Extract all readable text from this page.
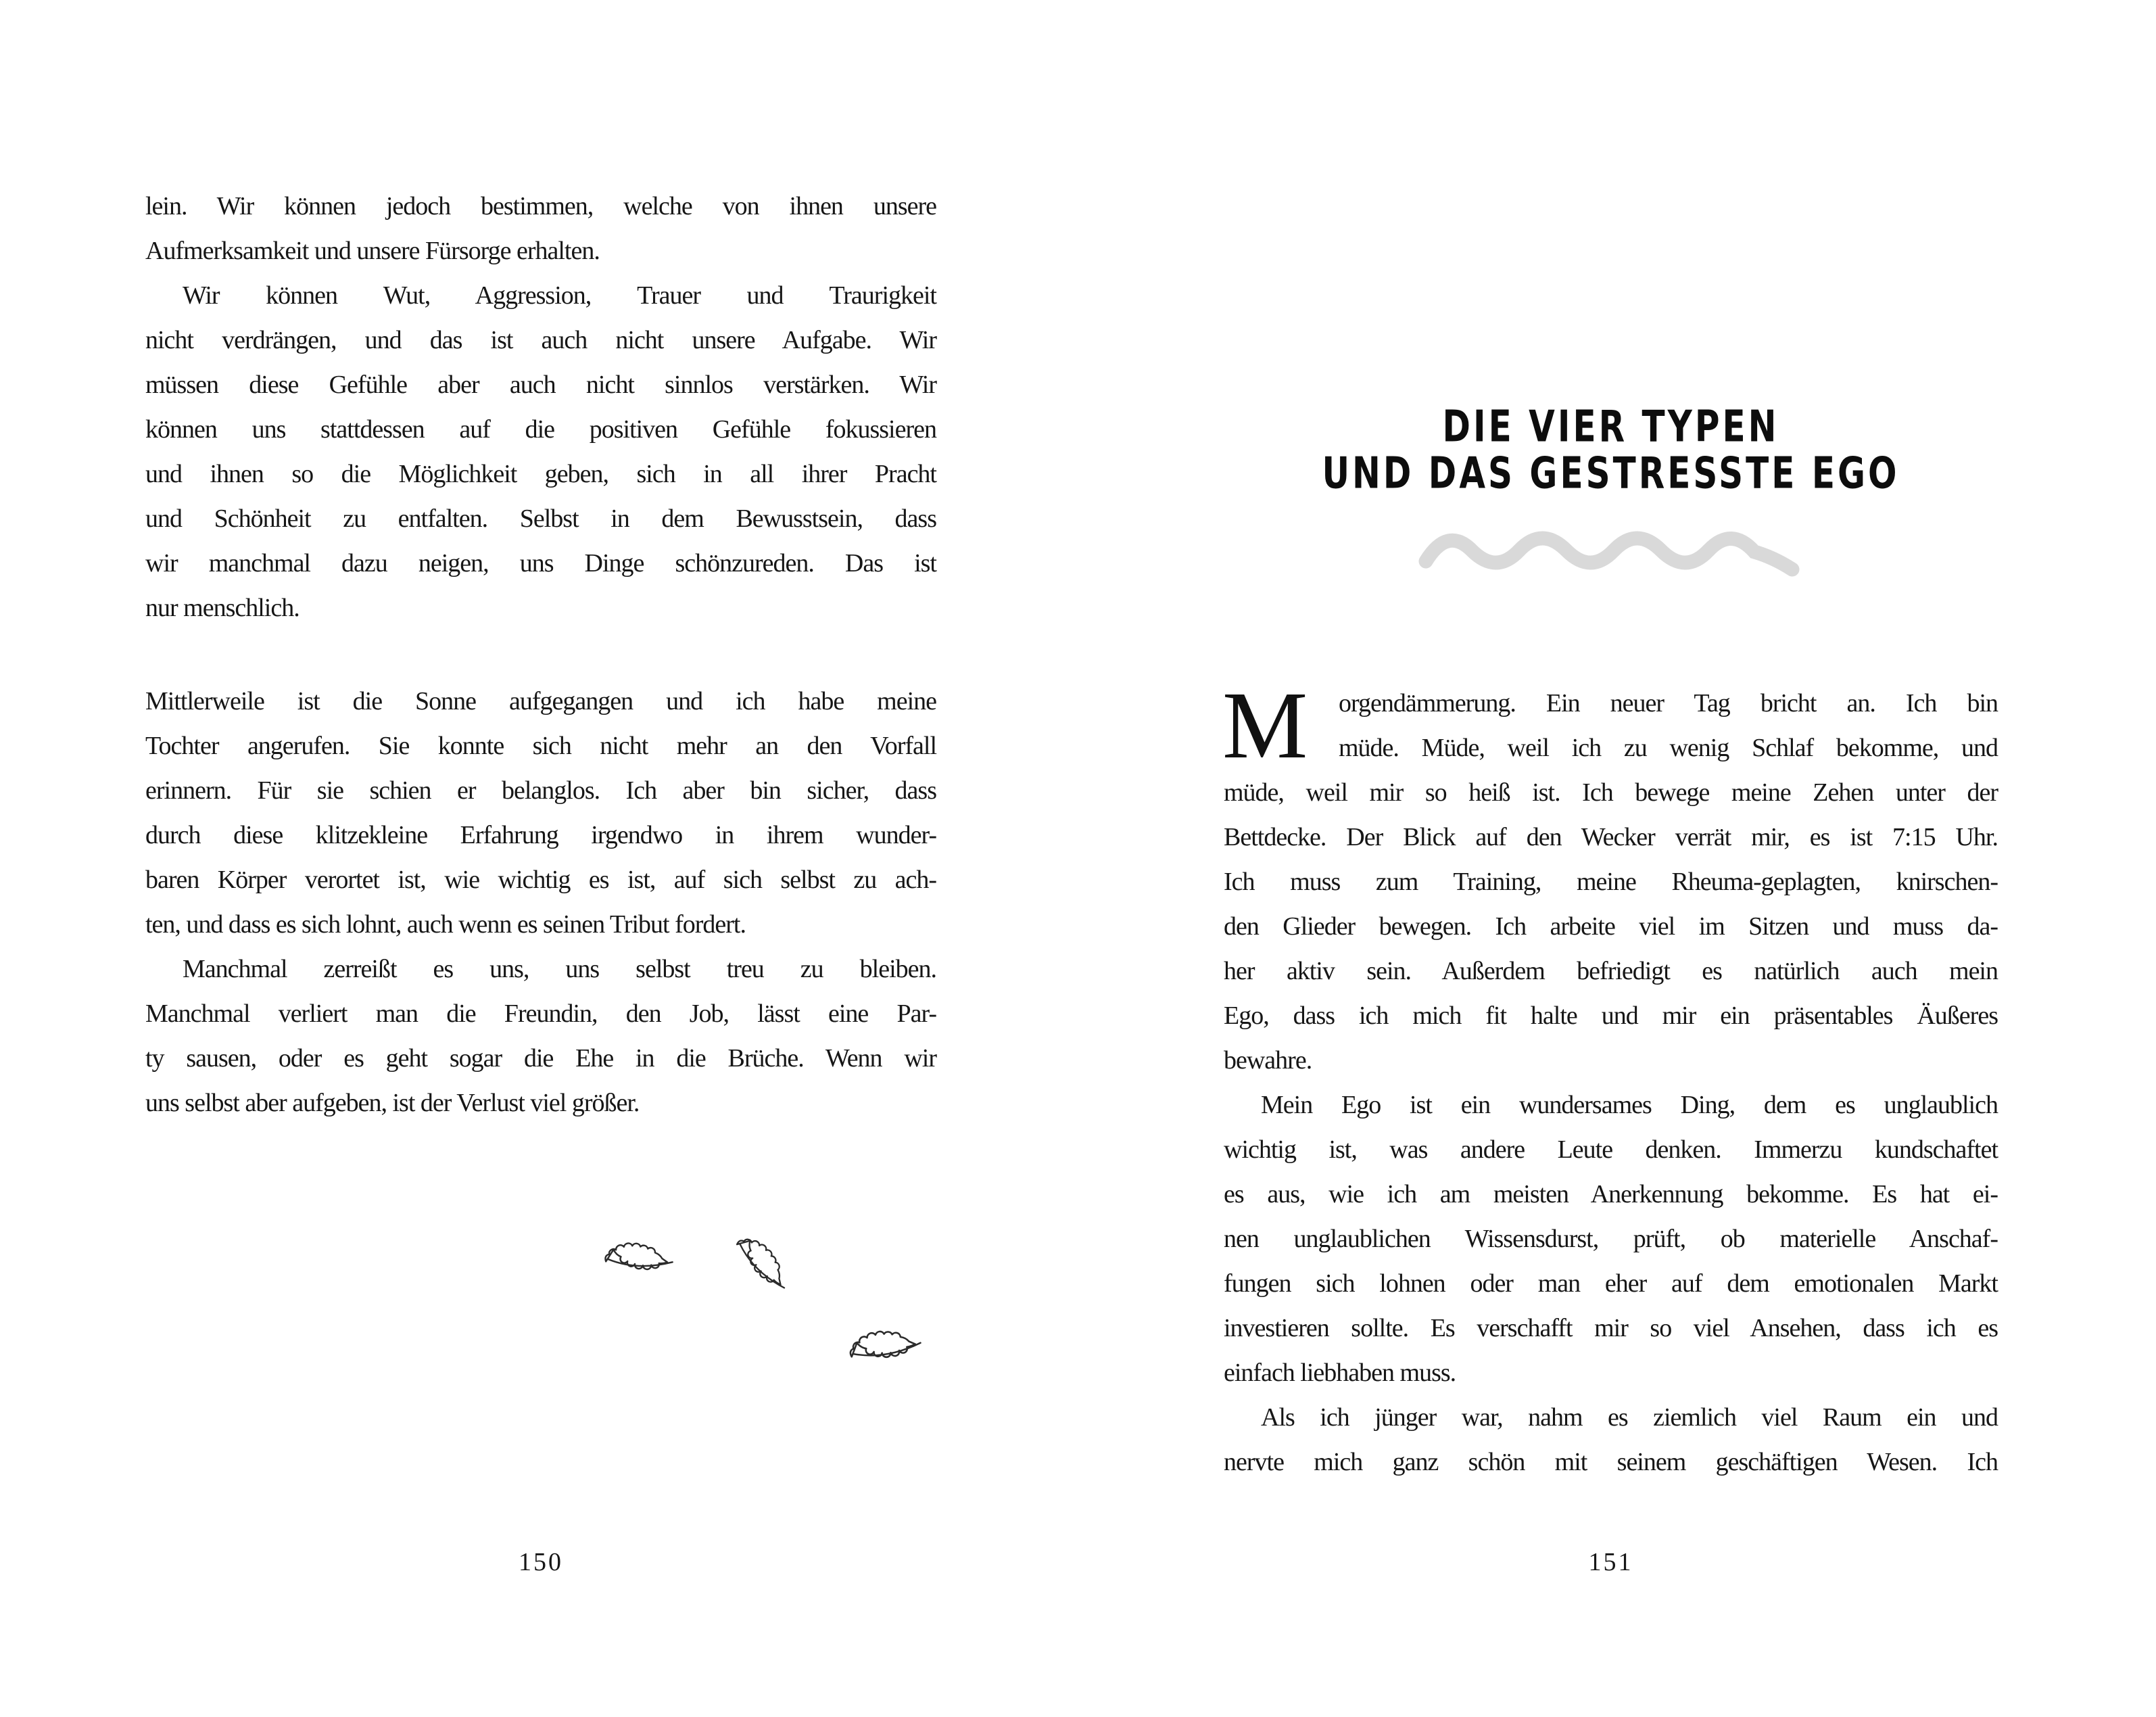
lein. Wir können jedoch bestimmen, welche von ihnen unsere
Aufmerksamkeit und unsere Fürsorge erhalten.
Wir können Wut, Aggression, Trauer und Traurigkeit
nicht verdrängen, und das ist auch nicht unsere Aufgabe. Wir
müssen diese Gefühle aber auch nicht sinnlos verstärken. Wir
können uns stattdessen auf die positiven Gefühle fokussieren
und ihnen so die Möglichkeit geben, sich in all ihrer Pracht
und Schönheit zu entfalten. Selbst in dem Bewusstsein, dass
wir manchmal dazu neigen, uns Dinge schönzureden. Das ist
nur menschlich.
Mittlerweile ist die Sonne aufgegangen und ich habe meine
Tochter angerufen. Sie konnte sich nicht mehr an den Vorfall
erinnern. Für sie schien er belanglos. Ich aber bin sicher, dass
durch diese klitzekleine Erfahrung irgendwo in ihrem wunder-
baren Körper verortet ist, wie wichtig es ist, auf sich selbst zu ach-
ten, und dass es sich lohnt, auch wenn es seinen Tribut fordert.
Manchmal zerreißt es uns, uns selbst treu zu bleiben.
Manchmal verliert man die Freundin, den Job, lässt eine Par-
ty sausen, oder es geht sogar die Ehe in die Brüche. Wenn wir
uns selbst aber aufgeben, ist der Verlust viel größer.
150
DIE VIER TYPEN
UND DAS GESTRESSTE EGO
M	orgendämmerung. Ein neuer Tag bricht an. Ich bin
müde. Müde, weil ich zu wenig Schlaf bekomme, und
müde, weil mir so heiß ist. Ich bewege meine Zehen unter der
Bettdecke. Der Blick auf den Wecker verrät mir, es ist 7:15 Uhr.
Ich muss zum Training, meine Rheuma-geplagten, knirschen-
den Glieder bewegen. Ich arbeite viel im Sitzen und muss da-
her aktiv sein. Außerdem befriedigt es natürlich auch mein
Ego, dass ich mich fit halte und mir ein präsentables Äußeres
bewahre.
Mein Ego ist ein wundersames Ding, dem es unglaublich
wichtig ist, was andere Leute denken. Immerzu kundschaftet
es aus, wie ich am meisten Anerkennung bekomme. Es hat ei-
nen unglaublichen Wissensdurst, prüft, ob materielle Anschaf-
fungen sich lohnen oder man eher auf dem emotionalen Markt
investieren sollte. Es verschafft mir so viel Ansehen, dass ich es
einfach liebhaben muss.
Als ich jünger war, nahm es ziemlich viel Raum ein und
nervte mich ganz schön mit seinem geschäftigen Wesen. Ich
151
